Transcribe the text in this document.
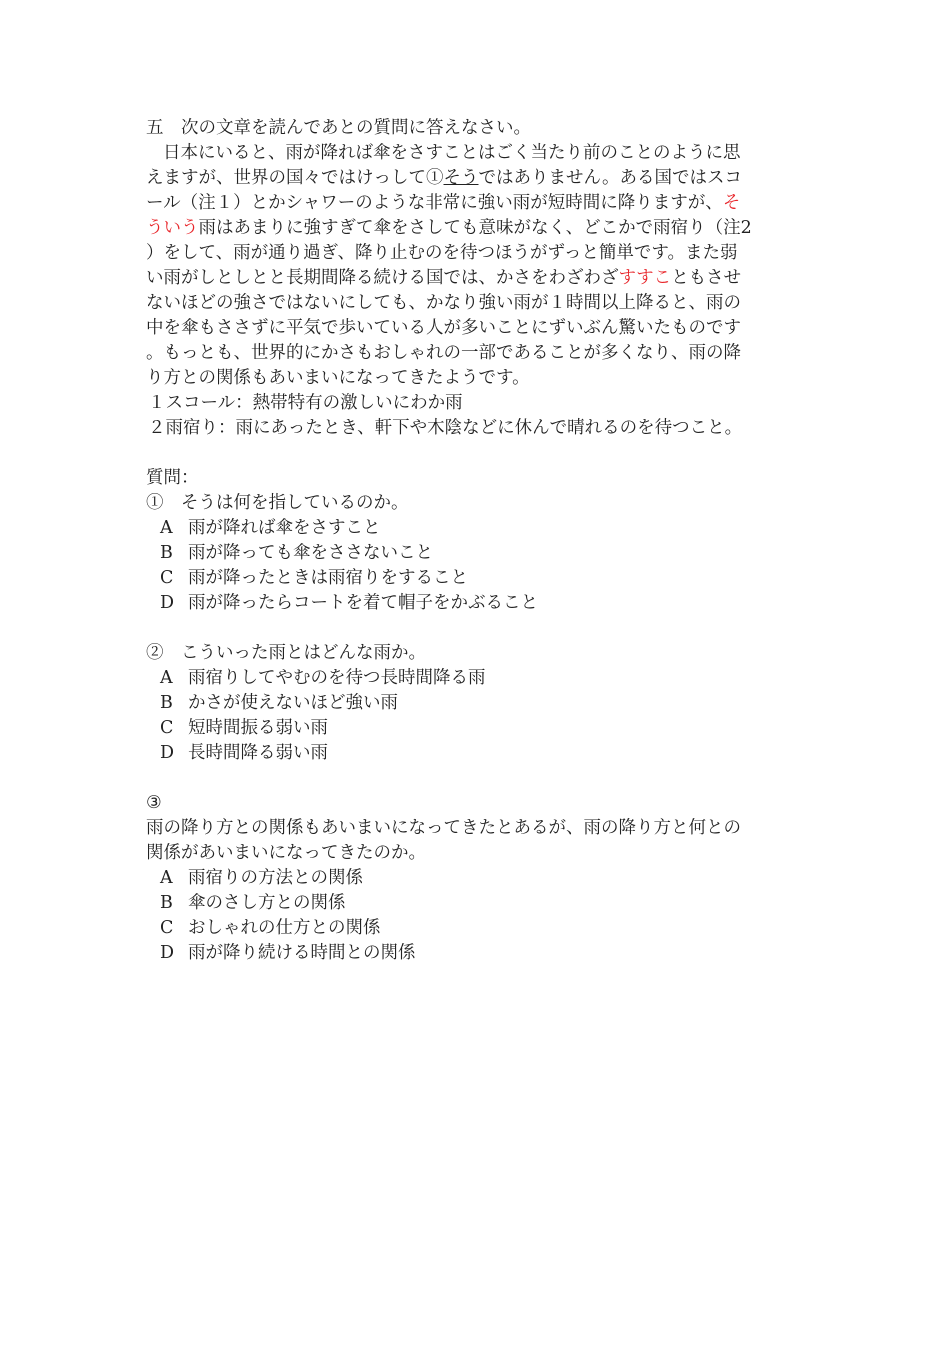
五　次の文章を読んであとの質問に答えなさい。
日本にいると、雨が降れば傘をさすことはごく当たり前のことのように思
えますが、世界の国々ではけっして①そうではありません。ある国ではスコ
ール（注１）とかシャワーのような非常に強い雨が短時間に降りますが、そ
ういう雨はあまりに強すぎて傘をさしても意味がなく、どこかで雨宿り（注2
）をして、雨が通り過ぎ、降り止むのを待つほうがずっと簡単です。また弱
い雨がしとしとと長期間降る続ける国では、かさをわざわざすすこともさせ
ないほどの強さではないにしても、かなり強い雨が１時間以上降ると、雨の
中を傘もささずに平気で歩いている人が多いことにずいぶん驚いたものです
。もっとも、世界的にかさもおしゃれの一部であることが多くなり、雨の降
り方との関係もあいまいになってきたようです。
１スコール：熱帯特有の激しいにわか雨
２雨宿り：雨にあったとき、軒下や木陰などに休んで晴れるのを待つこと。
質問：
①　そうは何を指しているのか。
A 雨が降れば傘をさすこと
B 雨が降っても傘をささないこと
C 雨が降ったときは雨宿りをすること
D 雨が降ったらコートを着て帽子をかぶること
②　こういった雨とはどんな雨か。
A 雨宿りしてやむのを待つ長時間降る雨
B かさが使えないほど強い雨
C 短時間振る弱い雨
D 長時間降る弱い雨
③
雨の降り方との関係もあいまいになってきたとあるが、雨の降り方と何との
関係があいまいになってきたのか。
A 雨宿りの方法との関係
B 傘のさし方との関係
C おしゃれの仕方との関係
D 雨が降り続ける時間との関係
